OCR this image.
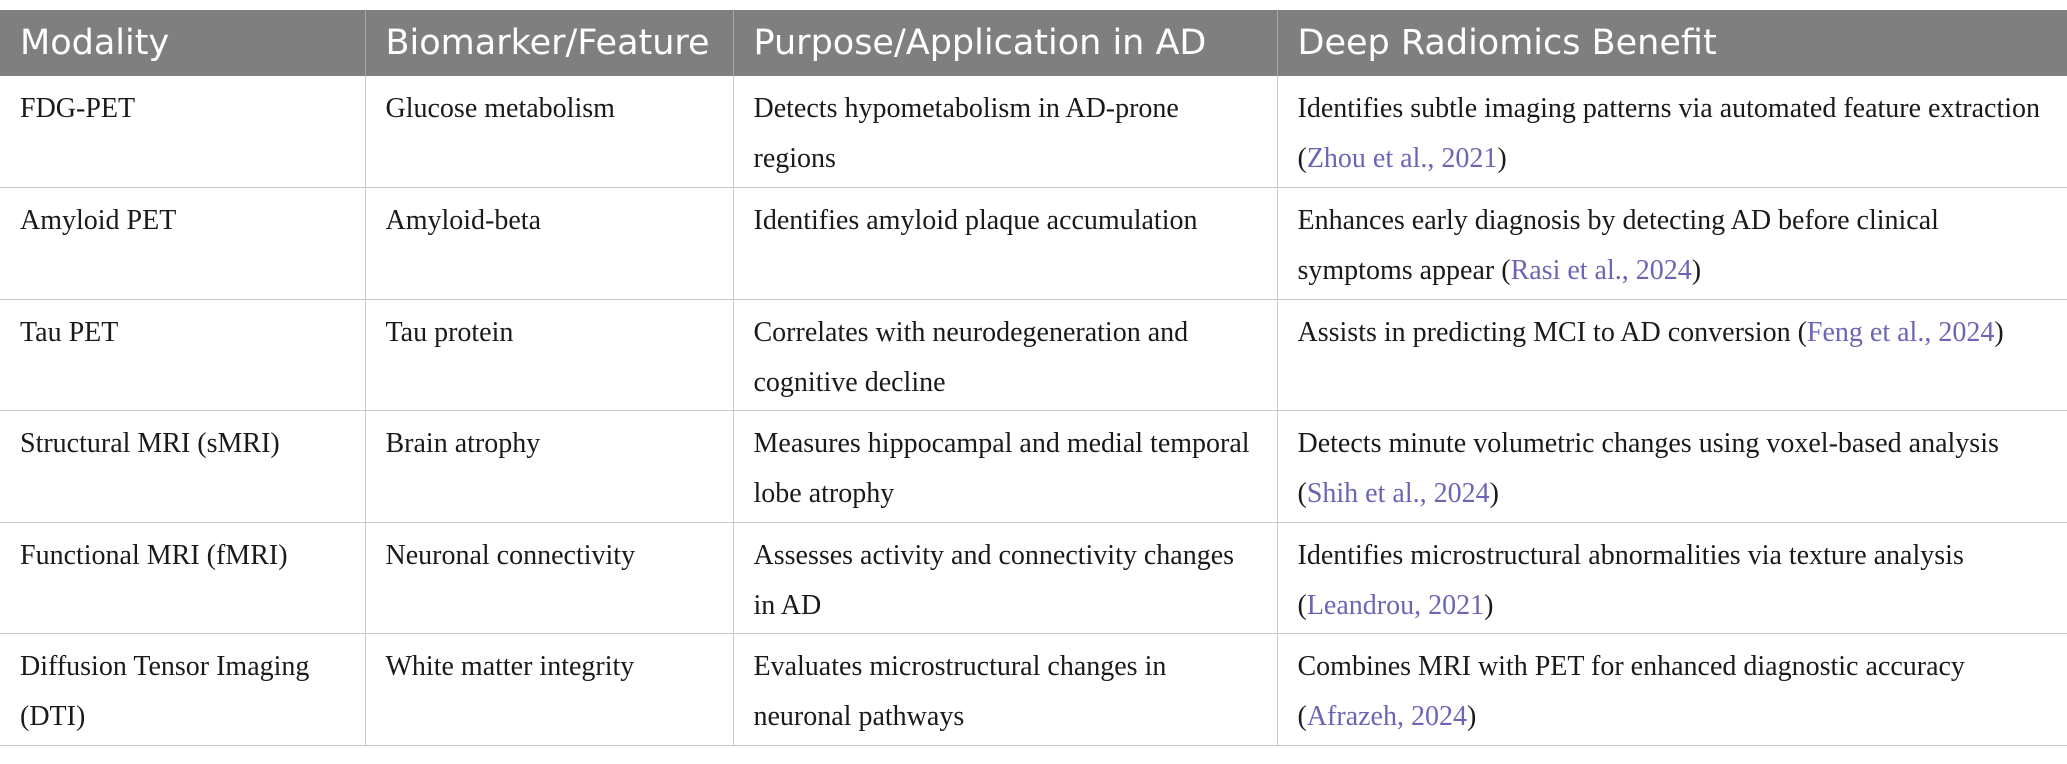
Modality	Biomarker/Feature	Purpose/Application in AD	Deep Radiomics Benefit
FDG-PET	Glucose metabolism	Detects hypometabolism in AD-prone regions	Identifies subtle imaging patterns via automated feature extraction (Zhou et al., 2021)
Amyloid PET	Amyloid-beta	Identifies amyloid plaque accumulation	Enhances early diagnosis by detecting AD before clinical symptoms appear (Rasi et al., 2024)
Tau PET	Tau protein	Correlates with neurodegeneration and cognitive decline	Assists in predicting MCI to AD conversion (Feng et al., 2024)
Structural MRI (sMRI)	Brain atrophy	Measures hippocampal and medial temporal lobe atrophy	Detects minute volumetric changes using voxel-based analysis (Shih et al., 2024)
Functional MRI (fMRI)	Neuronal connectivity	Assesses activity and connectivity changes in AD	Identifies microstructural abnormalities via texture analysis (Leandrou, 2021)
Diffusion Tensor Imaging (DTI)	White matter integrity	Evaluates microstructural changes in neuronal pathways	Combines MRI with PET for enhanced diagnostic accuracy (Afrazeh, 2024)
